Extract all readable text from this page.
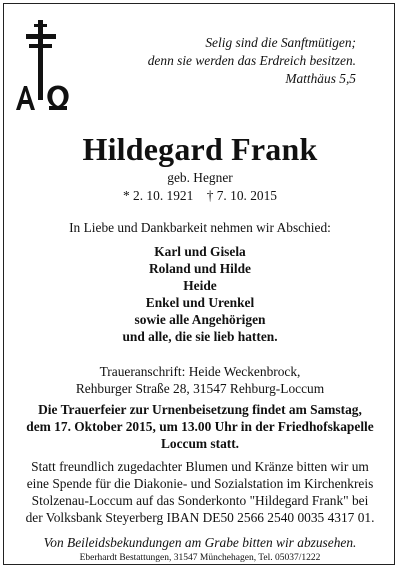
Selig sind die Sanftmütigen;
denn sie werden das Erdreich besitzen.
Matthäus 5,5
Hildegard Frank
geb. Hegner
* 2. 10. 1921    † 7. 10. 2015
In Liebe und Dankbarkeit nehmen wir Abschied:
Karl und Gisela
Roland und Hilde
Heide
Enkel und Urenkel
sowie alle Angehörigen
und alle, die sie lieb hatten.
Traueranschrift: Heide Weckenbrock,
Rehburger Straße 28, 31547 Rehburg-Loccum
Die Trauerfeier zur Urnenbeisetzung findet am Samstag,
dem 17. Oktober 2015, um 13.00 Uhr in der Friedhofskapelle
Loccum statt.
Statt freundlich zugedachter Blumen und Kränze bitten wir um
eine Spende für die Diakonie- und Sozialstation im Kirchenkreis
Stolzenau-Loccum auf das Sonderkonto "Hildegard Frank" bei
der Volksbank Steyerberg IBAN DE50 2566 2540 0035 4317 01.
Von Beileidsbekundungen am Grabe bitten wir abzusehen.
Eberhardt Bestattungen, 31547 Münchehagen, Tel. 05037/1222
